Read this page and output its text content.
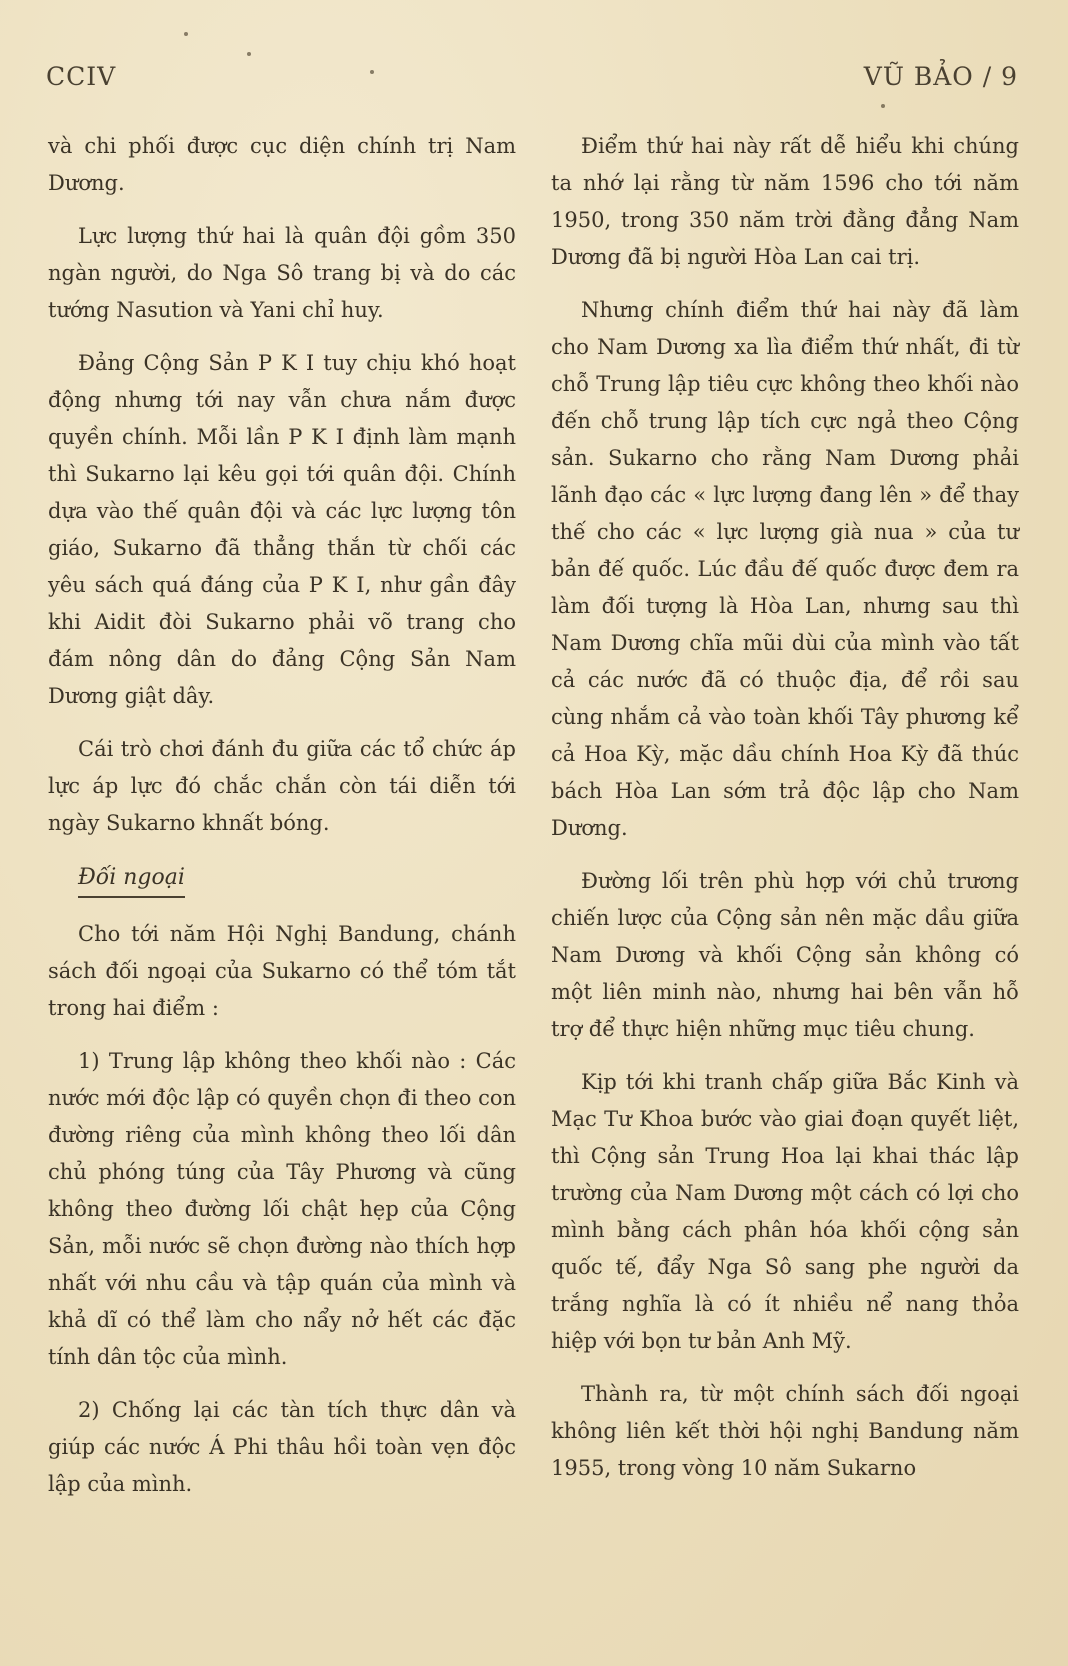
CCIV	VŨ BẢO / 9

và chi phối được cục diện chính trị Nam Dương.

Lực lượng thứ hai là quân đội gồm 350 ngàn người, do Nga Sô trang bị và do các tướng Nasution và Yani chỉ huy.

Đảng Cộng Sản P K I tuy chịu khó hoạt động nhưng tới nay vẫn chưa nắm được quyền chính. Mỗi lần P K I định làm mạnh thì Sukarno lại kêu gọi tới quân đội. Chính dựa vào thế quân đội và các lực lượng tôn giáo, Sukarno đã thẳng thắn từ chối các yêu sách quá đáng của P K I, như gần đây khi Aidit đòi Sukarno phải võ trang cho đám nông dân do đảng Cộng Sản Nam Dương giật dây.

Cái trò chơi đánh đu giữa các tổ chức áp lực áp lực đó chắc chắn còn tái diễn tới ngày Sukarno khnất bóng.

Đối ngoại

Cho tới năm Hội Nghị Bandung, chánh sách đối ngoại của Sukarno có thể tóm tắt trong hai điểm :

1) Trung lập không theo khối nào : Các nước mới độc lập có quyền chọn đi theo con đường riêng của mình không theo lối dân chủ phóng túng của Tây Phương và cũng không theo đường lối chật hẹp của Cộng Sản, mỗi nước sẽ chọn đường nào thích hợp nhất với nhu cầu và tập quán của mình và khả dĩ có thể làm cho nẩy nở hết các đặc tính dân tộc của mình.

2) Chống lại các tàn tích thực dân và giúp các nước Á Phi thâu hồi toàn vẹn độc lập của mình.

Điểm thứ hai này rất dễ hiểu khi chúng ta nhớ lại rằng từ năm 1596 cho tới năm 1950, trong 350 năm trời đằng đẳng Nam Dương đã bị người Hòa Lan cai trị.

Nhưng chính điểm thứ hai này đã làm cho Nam Dương xa lìa điểm thứ nhất, đi từ chỗ Trung lập tiêu cực không theo khối nào đến chỗ trung lập tích cực ngả theo Cộng sản. Sukarno cho rằng Nam Dương phải lãnh đạo các « lực lượng đang lên » để thay thế cho các « lực lượng già nua » của tư bản đế quốc. Lúc đầu đế quốc được đem ra làm đối tượng là Hòa Lan, nhưng sau thì Nam Dương chĩa mũi dùi của mình vào tất cả các nước đã có thuộc địa, để rồi sau cùng nhắm cả vào toàn khối Tây phương kể cả Hoa Kỳ, mặc dầu chính Hoa Kỳ đã thúc bách Hòa Lan sớm trả độc lập cho Nam Dương.

Đường lối trên phù hợp với chủ trương chiến lược của Cộng sản nên mặc dầu giữa Nam Dương và khối Cộng sản không có một liên minh nào, nhưng hai bên vẫn hỗ trợ để thực hiện những mục tiêu chung.

Kịp tới khi tranh chấp giữa Bắc Kinh và Mạc Tư Khoa bước vào giai đoạn quyết liệt, thì Cộng sản Trung Hoa lại khai thác lập trường của Nam Dương một cách có lợi cho mình bằng cách phân hóa khối cộng sản quốc tế, đẩy Nga Sô sang phe người da trắng nghĩa là có ít nhiều nể nang thỏa hiệp với bọn tư bản Anh Mỹ.

Thành ra, từ một chính sách đối ngoại không liên kết thời hội nghị Bandung năm 1955, trong vòng 10 năm Sukarno
